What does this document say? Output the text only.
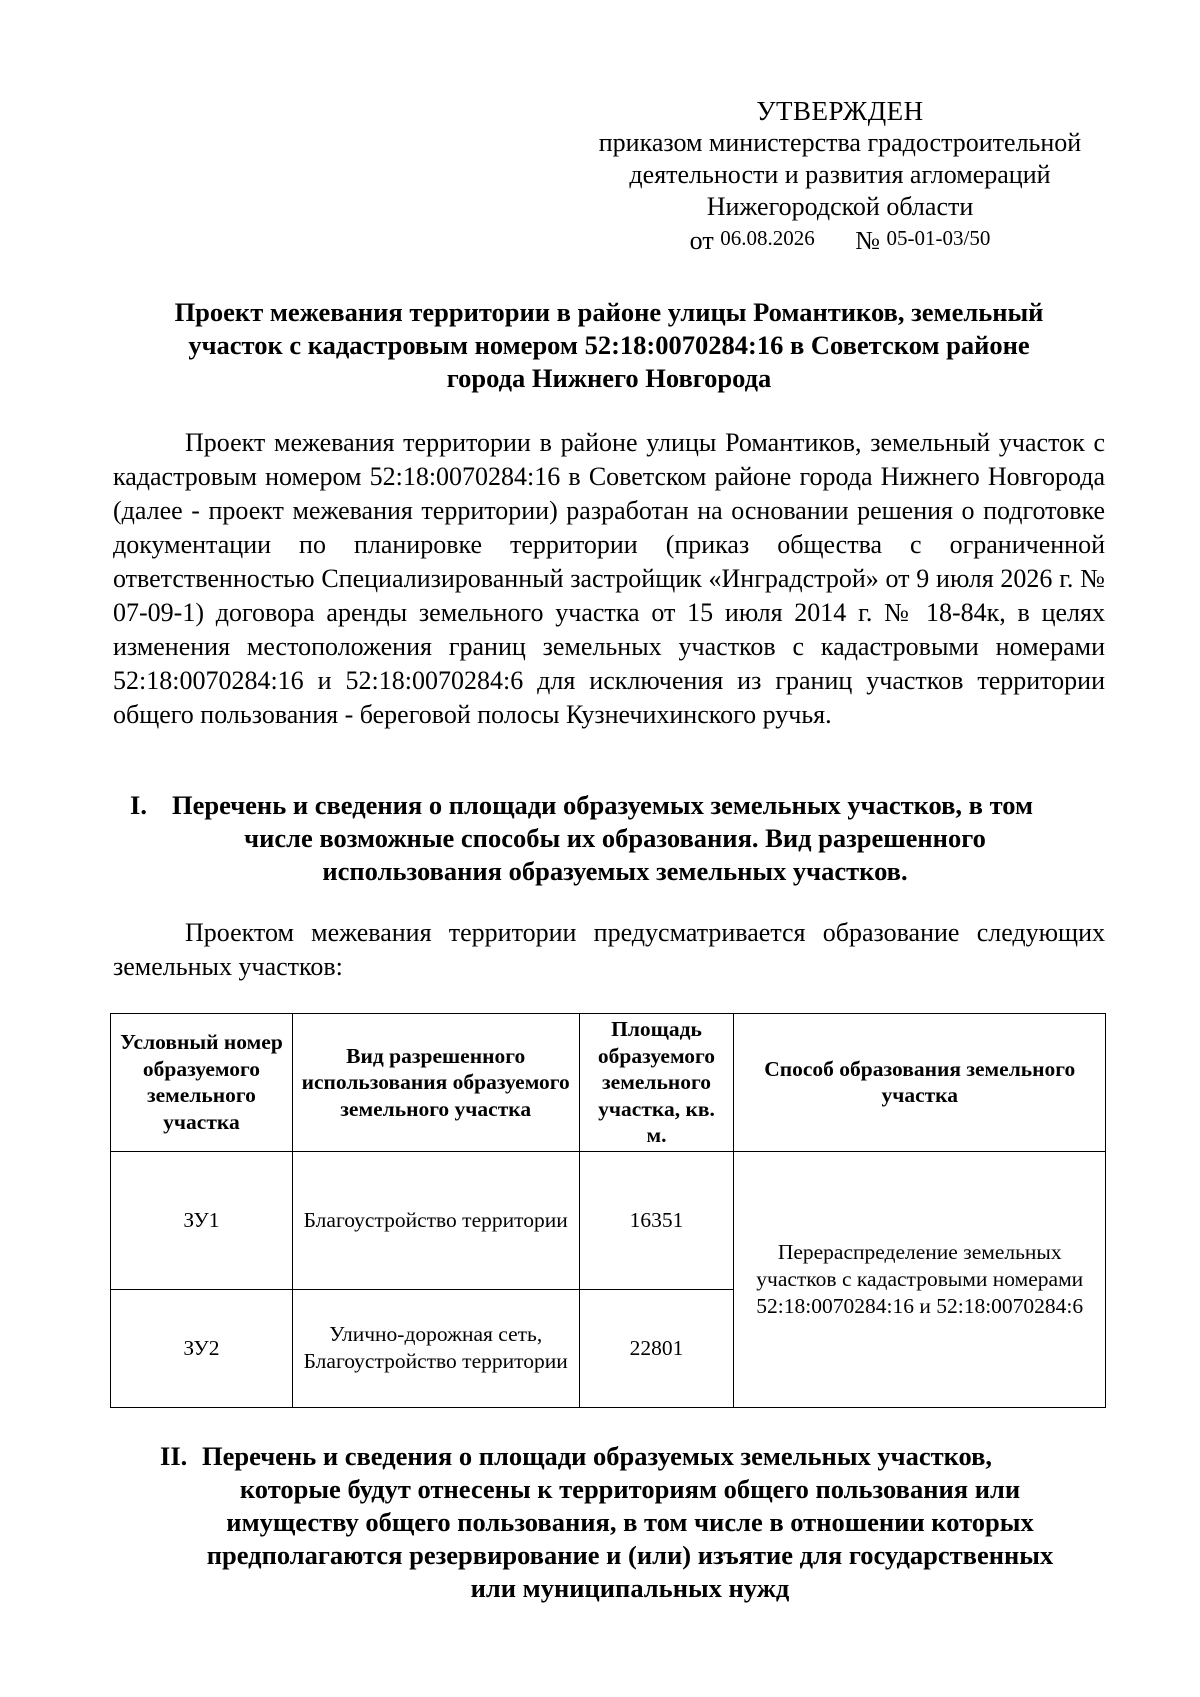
УТВЕРЖДЕН
приказом министерства градостроительной
деятельности и развития агломераций
Нижегородской области
от 06.08.2026 № 05-01-03/50
Проект межевания территории в районе улицы Романтиков, земельный
участок с кадастровым номером 52:18:0070284:16 в Советском районе
города Нижнего Новгорода

Проект межевания территории в районе улицы Романтиков, земельный участок с кадастровым номером 52:18:0070284:16 в Советском районе города Нижнего Новгорода (далее - проект межевания территории) разработан на основании решения о подготовке документации по планировке территории (приказ общества с ограниченной ответственностью Специализированный застройщик «Инградстрой» от 9 июля 2026 г. № 07-09-1) договора аренды земельного участка от 15 июля 2014 г. № 18-84к, в целях изменения местоположения границ земельных участков с кадастровыми номерами 52:18:0070284:16 и 52:18:0070284:6 для исключения из границ участков территории общего пользования - береговой полосы Кузнечихинского ручья.

I. Перечень и сведения о площади образуемых земельных участков, в том
числе возможные способы их образования. Вид разрешенного
использования образуемых земельных участков.

Проектом межевания территории предусматривается образование следующих земельных участков:

Условный номер образуемого земельного участка	Вид разрешенного использования образуемого земельного участка	Площадь образуемого земельного участка, кв. м.	Способ образования земельного участка
ЗУ1	Благоустройство территории	16351	Перераспределение земельных участков с кадастровыми номерами 52:18:0070284:16 и 52:18:0070284:6
ЗУ2	Улично-дорожная сеть, Благоустройство территории	22801	
II. Перечень и сведения о площади образуемых земельных участков,
которые будут отнесены к территориям общего пользования или
имуществу общего пользования, в том числе в отношении которых
предполагаются резервирование и (или) изъятие для государственных
или муниципальных нужд
